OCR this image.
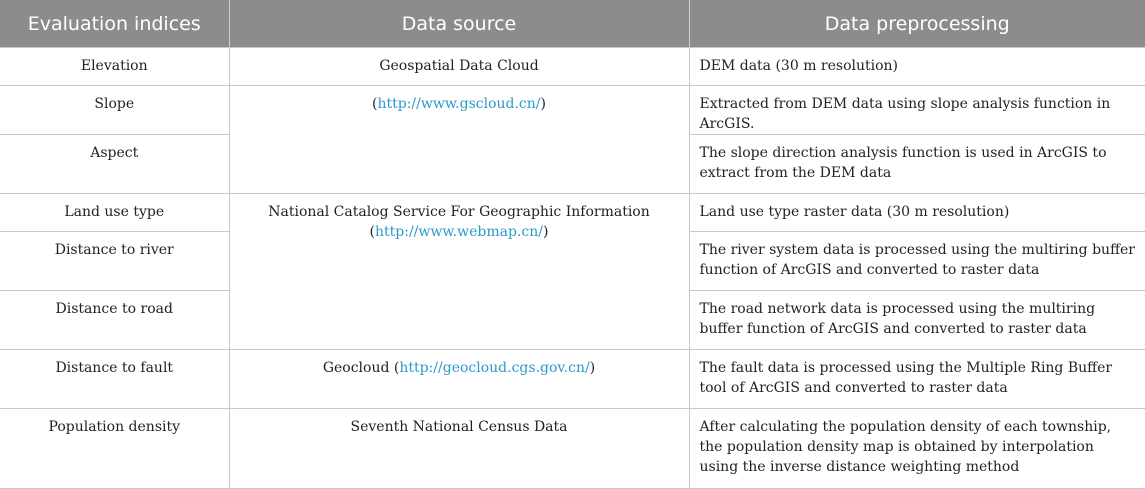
Evaluation indices	Data source	Data preprocessing
Elevation	Geospatial Data Cloud	DEM data (30 m resolution)
Slope	(http://www.gscloud.cn/)	Extracted from DEM data using slope analysis function in ArcGIS.
Aspect		The slope direction analysis function is used in ArcGIS to extract from the DEM data
Land use type	National Catalog Service For Geographic Information (http://www.webmap.cn/)	Land use type raster data (30 m resolution)
Distance to river		The river system data is processed using the multiring buffer function of ArcGIS and converted to raster data
Distance to road		The road network data is processed using the multiring buffer function of ArcGIS and converted to raster data
Distance to fault	Geocloud (http://geocloud.cgs.gov.cn/)	The fault data is processed using the Multiple Ring Buffer tool of ArcGIS and converted to raster data
Population density	Seventh National Census Data	After calculating the population density of each township, the population density map is obtained by interpolation using the inverse distance weighting method
